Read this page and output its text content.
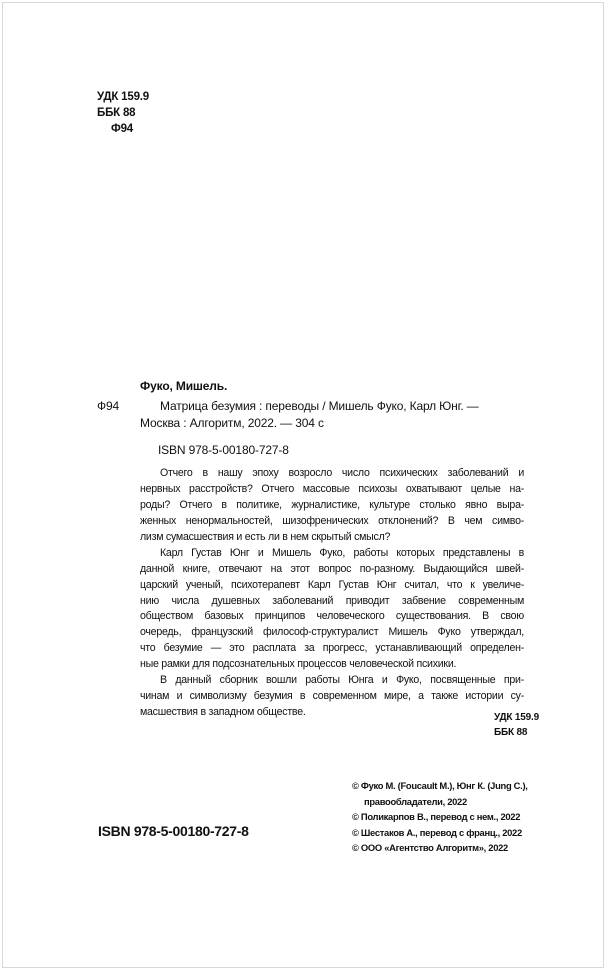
УДК 159.9
ББК 88
Ф94
Фуко, Мишель.
Ф94	Матрица безумия : переводы / Мишель Фуко, Карл Юнг. —
Москва : Алгоритм, 2022. — 304 с
ISBN 978-5-00180-727-8
Отчего в нашу эпоху возросло число психических заболеваний и
нервных расстройств? Отчего массовые психозы охватывают целые на-
роды? Отчего в политике, журналистике, культуре столько явно выра-
женных ненормальностей, шизофренических отклонений? В чем симво-
лизм сумасшествия и есть ли в нем скрытый смысл?
Карл Густав Юнг и Мишель Фуко, работы которых представлены в
данной книге, отвечают на этот вопрос по-разному. Выдающийся швей-
царский ученый, психотерапевт Карл Густав Юнг считал, что к увеличе-
нию числа душевных заболеваний приводит забвение современным
обществом базовых принципов человеческого существования. В свою
очередь, французский философ-структуралист Мишель Фуко утверждал,
что безумие — это расплата за прогресс, устанавливающий определен-
ные рамки для подсознательных процессов человеческой психики.
В данный сборник вошли работы Юнга и Фуко, посвященные при-
чинам и символизму безумия в современном мире, а также истории су-
масшествия в западном обществе.	УДК 159.9
ББК 88
© Фуко М. (Foucault M.), Юнг К. (Jung C.),
правообладатели, 2022
© Поликарпов В., перевод с нем., 2022
© Шестаков А., перевод с франц., 2022
© ООО «Агентство Алгоритм», 2022
ISBN 978-5-00180-727-8
